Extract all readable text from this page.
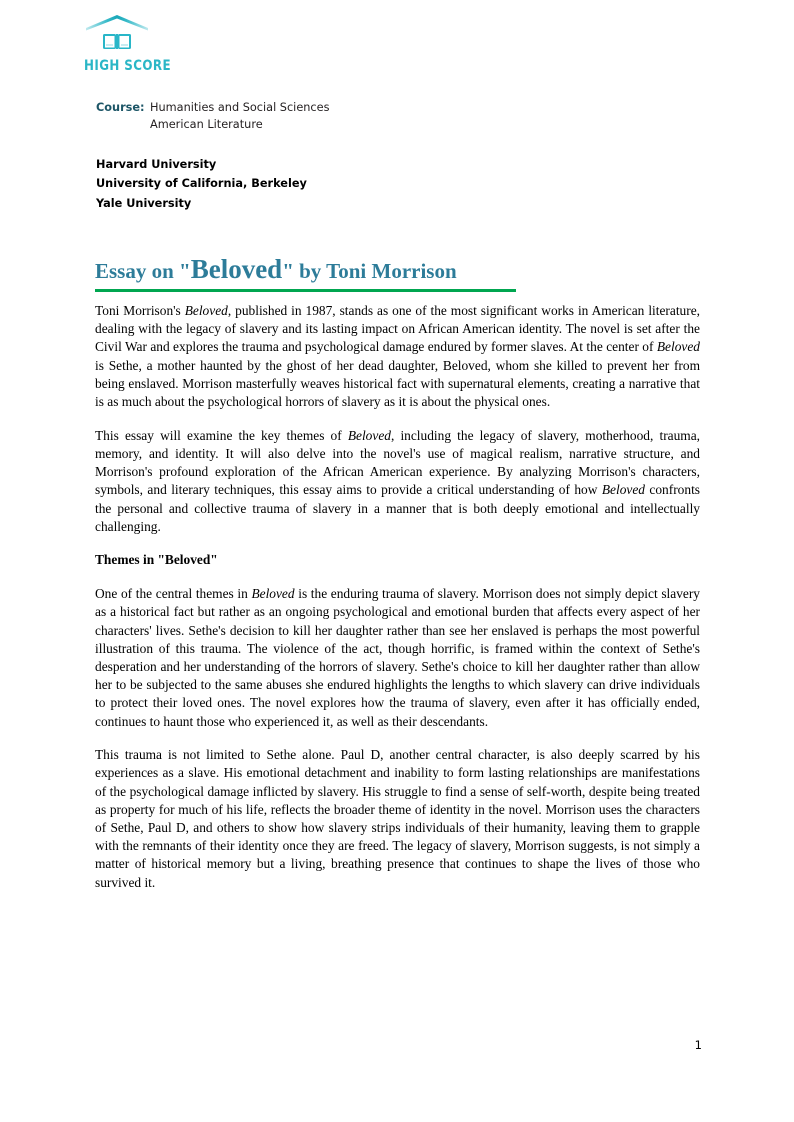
HIGH SCORE
Course: Humanities and Social Sciences
American Literature
Harvard University
University of California, Berkeley
Yale University
Essay on "Beloved" by Toni Morrison

Toni Morrison's Beloved, published in 1987, stands as one of the most significant works in American literature, dealing with the legacy of slavery and its lasting impact on African American identity. The novel is set after the Civil War and explores the trauma and psychological damage endured by former slaves. At the center of Beloved is Sethe, a mother haunted by the ghost of her dead daughter, Beloved, whom she killed to prevent her from being enslaved. Morrison masterfully weaves historical fact with supernatural elements, creating a narrative that is as much about the psychological horrors of slavery as it is about the physical ones.

This essay will examine the key themes of Beloved, including the legacy of slavery, motherhood, trauma, memory, and identity. It will also delve into the novel's use of magical realism, narrative structure, and Morrison's profound exploration of the African American experience. By analyzing Morrison's characters, symbols, and literary techniques, this essay aims to provide a critical understanding of how Beloved confronts the personal and collective trauma of slavery in a manner that is both deeply emotional and intellectually challenging.

Themes in "Beloved"

One of the central themes in Beloved is the enduring trauma of slavery. Morrison does not simply depict slavery as a historical fact but rather as an ongoing psychological and emotional burden that affects every aspect of her characters' lives. Sethe's decision to kill her daughter rather than see her enslaved is perhaps the most powerful illustration of this trauma. The violence of the act, though horrific, is framed within the context of Sethe's desperation and her understanding of the horrors of slavery. Sethe's choice to kill her daughter rather than allow her to be subjected to the same abuses she endured highlights the lengths to which slavery can drive individuals to protect their loved ones. The novel explores how the trauma of slavery, even after it has officially ended, continues to haunt those who experienced it, as well as their descendants.

This trauma is not limited to Sethe alone. Paul D, another central character, is also deeply scarred by his experiences as a slave. His emotional detachment and inability to form lasting relationships are manifestations of the psychological damage inflicted by slavery. His struggle to find a sense of self-worth, despite being treated as property for much of his life, reflects the broader theme of identity in the novel. Morrison uses the characters of Sethe, Paul D, and others to show how slavery strips individuals of their humanity, leaving them to grapple with the remnants of their identity once they are freed. The legacy of slavery, Morrison suggests, is not simply a matter of historical memory but a living, breathing presence that continues to shape the lives of those who survived it.

1
